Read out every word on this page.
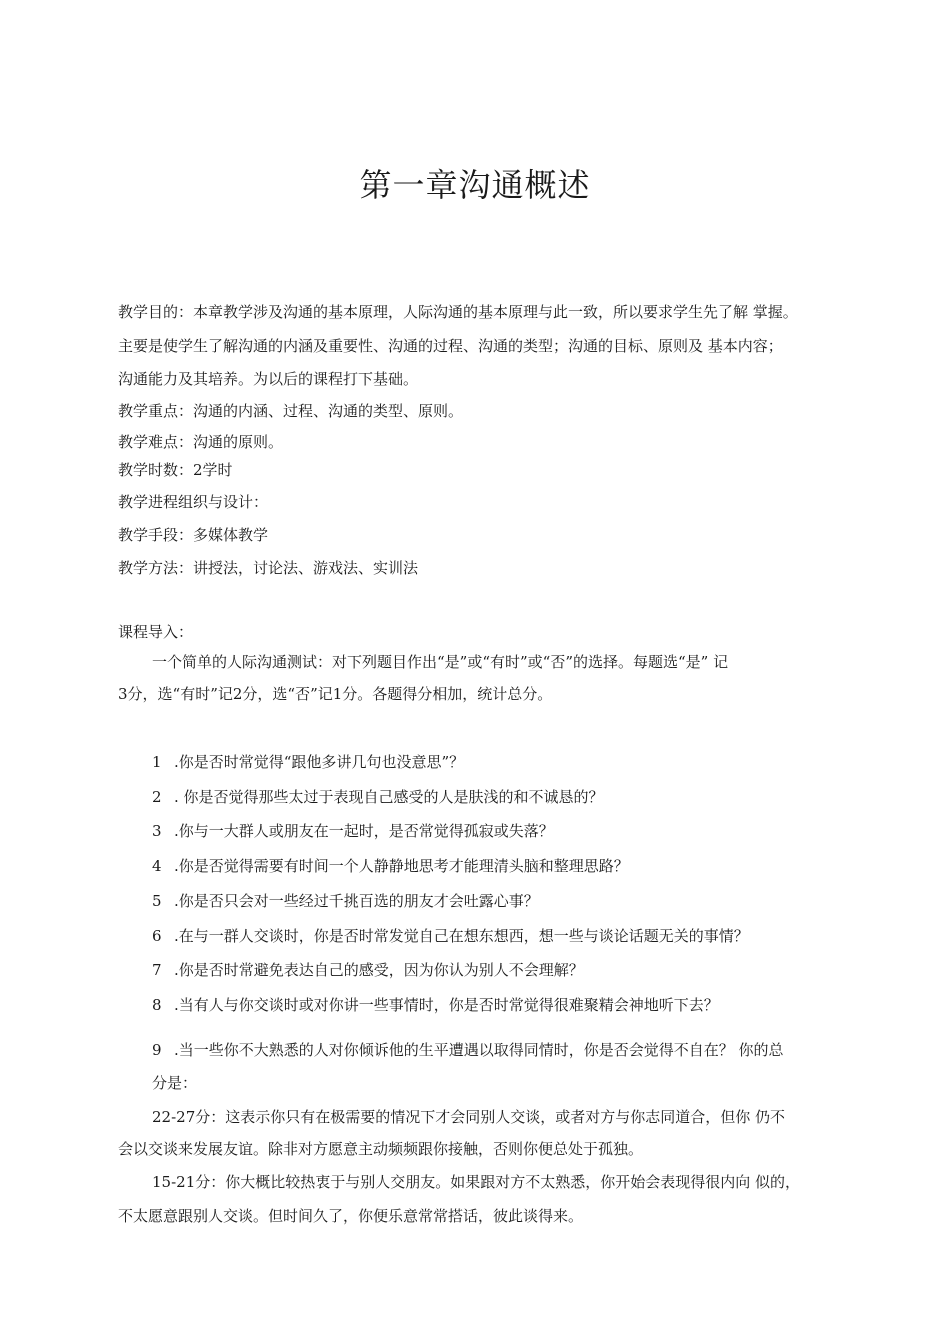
第一章沟通概述

教学目的：本章教学涉及沟通的基本原理，人际沟通的基本原理与此一致，所以要求学生先了解 掌握。

主要是使学生了解沟通的内涵及重要性、沟通的过程、沟通的类型；沟通的目标、原则及 基本内容；

沟通能力及其培养。为以后的课程打下基础。

教学重点：沟通的内涵、过程、沟通的类型、原则。

教学难点：沟通的原则。

教学时数：2学时

教学进程组织与设计：

教学手段：多媒体教学

教学方法：讲授法，讨论法、游戏法、实训法

课程导入：

一个简单的人际沟通测试：对下列题目作出“是”或“有时”或“否”的选择。每题选“是” 记

3分，选“有时”记2分，选“否”记1分。各题得分相加，统计总分。

1 .你是否时常觉得“跟他多讲几句也没意思”？

2 . 你是否觉得那些太过于表现自己感受的人是肤浅的和不诚恳的？

3 .你与一大群人或朋友在一起时，是否常觉得孤寂或失落？

4 .你是否觉得需要有时间一个人静静地思考才能理清头脑和整理思路？

5 .你是否只会对一些经过千挑百选的朋友才会吐露心事？

6 .在与一群人交谈时，你是否时常发觉自己在想东想西，想一些与谈论话题无关的事情？

7 .你是否时常避免表达自己的感受，因为你认为别人不会理解？

8 .当有人与你交谈时或对你讲一些事情时，你是否时常觉得很难聚精会神地听下去？

9 .当一些你不大熟悉的人对你倾诉他的生平遭遇以取得同情时，你是否会觉得不自在？ 你的总

分是：

22-27分：这表示你只有在极需要的情况下才会同别人交谈，或者对方与你志同道合，但你 仍不

会以交谈来发展友谊。除非对方愿意主动频频跟你接触，否则你便总处于孤独。

15-21分：你大概比较热衷于与别人交朋友。如果跟对方不太熟悉，你开始会表现得很内向 似的，

不太愿意跟别人交谈。但时间久了，你便乐意常常搭话，彼此谈得来。
